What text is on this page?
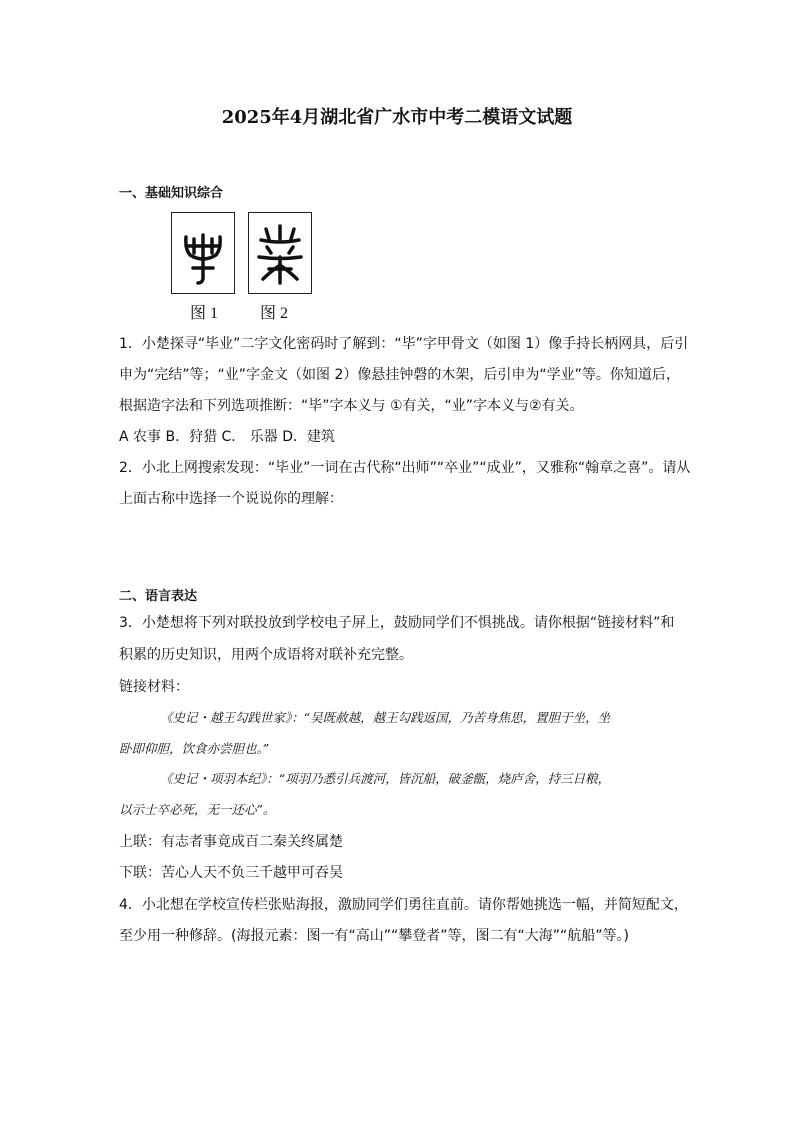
2025年4月湖北省广水市中考二模语文试题
一、基础知识综合
图 1	图 2
1．小楚探寻“毕业”二字文化密码时了解到：“毕”字甲骨文（如图 1）像手持长柄网具，后引
申为“完结”等；“业”字金文（如图 2）像悬挂钟磬的木架，后引申为“学业”等。你知道后，
根据造字法和下列选项推断：“毕”字本义与 ①有关，“业”字本义与②有关。
A 农事 B．狩猎 C． 乐器 D．建筑
2．小北上网搜索发现：“毕业”一词在古代称“出师”“卒业”“成业”，又雅称“翰章之喜”。请从
上面古称中选择一个说说你的理解：
二、语言表达
3．小楚想将下列对联投放到学校电子屏上，鼓励同学们不惧挑战。请你根据“链接材料”和
积累的历史知识，用两个成语将对联补充完整。
链接材料：
《史记・越王勾践世家》：“吴既赦越，越王勾践返国，乃苦身焦思，置胆于坐，坐
卧即仰胆，饮食亦尝胆也。”
《史记・项羽本纪》：“项羽乃悉引兵渡河，皆沉船，破釜甑，烧庐舍，持三日粮，
以示士卒必死，无一还心”。
上联：有志者事竟成百二秦关终属楚
下联：苦心人天不负三千越甲可吞吴
4．小北想在学校宣传栏张贴海报，激励同学们勇往直前。请你帮她挑选一幅，并简短配文，
至少用一种修辞。(海报元素：图一有“高山”“攀登者”等，图二有“大海”“航船”等。)
